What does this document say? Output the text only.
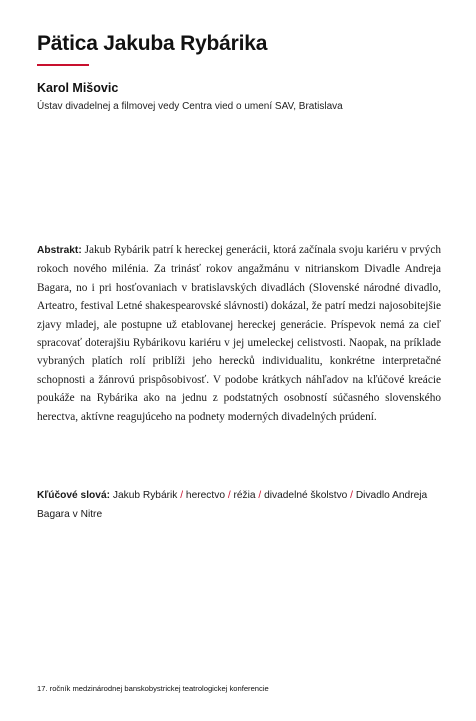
Pätica Jakuba Rybárika
Karol Mišovic
Ústav divadelnej a filmovej vedy Centra vied o umení SAV, Bratislava

Abstrakt: Jakub Rybárik patrí k hereckej generácii, ktorá začínala svoju kariéru v prvých rokoch nového milénia. Za trinásť rokov angažmánu v nitrianskom Divadle Andreja Bagara, no i pri hosťovaniach v bratislavských divadlách (Slovenské národné divadlo, Arteatro, festival Letné shakespearovské slávnosti) dokázal, že patrí medzi najosobitejšie zjavy mladej, ale postupne už etablovanej hereckej generácie. Príspevok nemá za cieľ spracovať doterajšiu Rybárikovu kariéru v jej umeleckej celistvosti. Naopak, na príklade vybraných platích rolí priblíži jeho herecků individualitu, konkrétne interpretačné schopnosti a žánrovú prispôsobivosť. V podobe krátkych náhľadov na kľúčové kreácie poukáže na Rybárika ako na jednu z podstatných osobností súčasného slovenského herectva, aktívne reagujúceho na podnety moderných divadelných prúdení.

Kľúčové slová: Jakub Rybárik / herectvo / réžia / divadelné školstvo / Divadlo Andreja Bagara v Nitre

17. ročník medzinárodnej banskobystrickej teatrologickej konferencie
